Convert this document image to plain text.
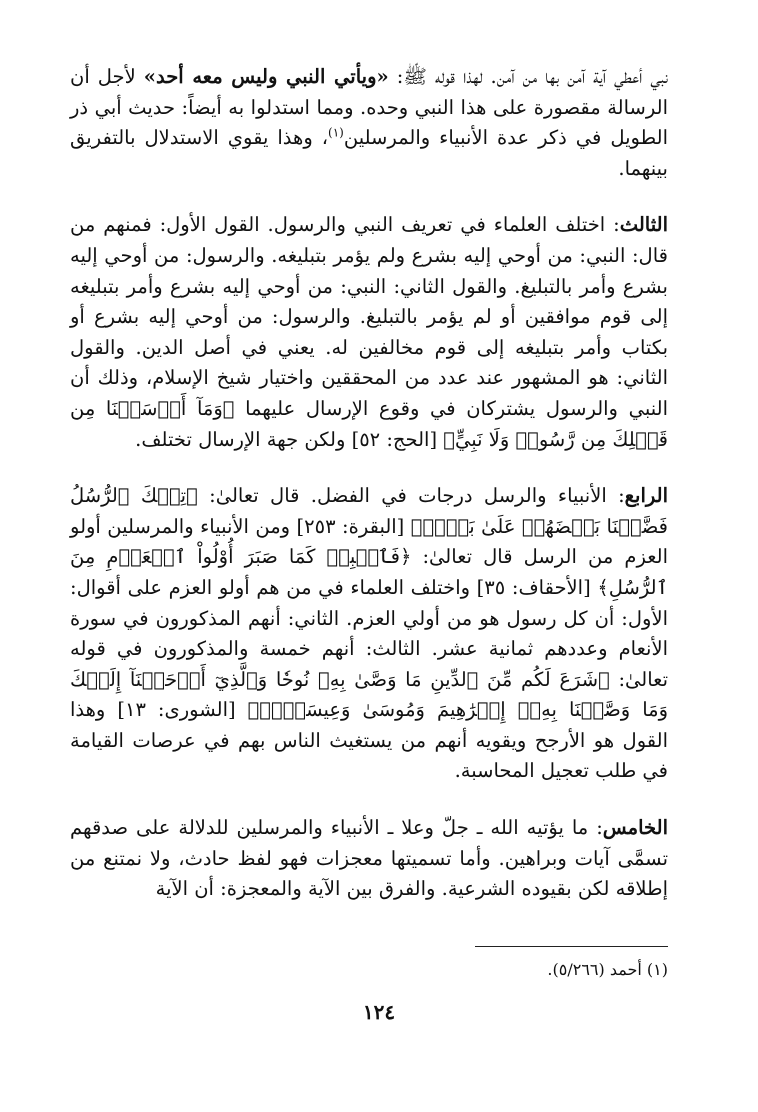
نبي أعطي آية آمن بها من آمن. لهذا قوله ﷺ: «ويأتي النبي وليس معه أحد» لأجل أن الرسالة مقصورة على هذا النبي وحده. ومما استدلوا به أيضاً: حديث أبي ذر الطويل في ذكر عدة الأنبياء والمرسلين$^{(١)}$، وهذا يقوي الاستدلال بالتفريق بينهما.

الثالث: اختلف العلماء في تعريف النبي والرسول. القول الأول: فمنهم من قال: النبي: من أوحي إليه بشرع ولم يؤمر بتبليغه. والرسول: من أوحي إليه بشرع وأمر بالتبليغ. والقول الثاني: النبي: من أوحي إليه بشرع وأمر بتبليغه إلى قوم موافقين أو لم يؤمر بالتبليغ. والرسول: من أوحي إليه بشرع أو بكتاب وأمر بتبليغه إلى قوم مخالفين له. يعني في أصل الدين. والقول الثاني: هو المشهور عند عدد من المحققين واختيار شيخ الإسلام، وذلك أن النبي والرسول يشتركان في وقوع الإرسال عليهما ﴿وَمَآ أَرۡسَلۡنَا مِن قَبۡلِكَ مِن رَّسُولٖ وَلَا نَبِيٍّ﴾ [الحج: ٥٢] ولكن جهة الإرسال تختلف.

الرابع: الأنبياء والرسل درجات في الفضل. قال تعالىٰ: ﴿تِلۡكَ ٱلرُّسُلُ فَضَّلۡنَا بَعۡضَهُمۡ عَلَىٰ بَعۡضٖ﴾ [البقرة: ٢٥٣] ومن الأنبياء والمرسلين أولو العزم من الرسل قال تعالىٰ: ﴿فَٱصۡبِرۡ كَمَا صَبَرَ أُوْلُواْ ٱلۡعَزۡمِ مِنَ ٱلرُّسُلِ﴾ [الأحقاف: ٣٥] واختلف العلماء في من هم أولو العزم على أقوال: الأول: أن كل رسول هو من أولي العزم. الثاني: أنهم المذكورون في سورة الأنعام وعددهم ثمانية عشر. الثالث: أنهم خمسة والمذكورون في قوله تعالىٰ: ﴿شَرَعَ لَكُم مِّنَ ٱلدِّينِ مَا وَصَّىٰ بِهِۦ نُوحٗا وَٱلَّذِيٓ أَوۡحَيۡنَآ إِلَيۡكَ وَمَا وَصَّيۡنَا بِهِۦٓ إِبۡرَٰهِيمَ وَمُوسَىٰ وَعِيسَىٰٓۖ﴾ [الشورى: ١٣] وهذا القول هو الأرجح ويقويه أنهم من يستغيث الناس بهم في عرصات القيامة في طلب تعجيل المحاسبة.

الخامس: ما يؤتيه الله ـ جلّ وعلا ـ الأنبياء والمرسلين للدلالة على صدقهم تسمَّى آيات وبراهين. وأما تسميتها معجزات فهو لفظ حادث، ولا نمتنع من إطلاقه لكن بقيوده الشرعية. والفرق بين الآية والمعجزة: أن الآية

(١) أحمد (٥/٢٦٦).
١٢٤
